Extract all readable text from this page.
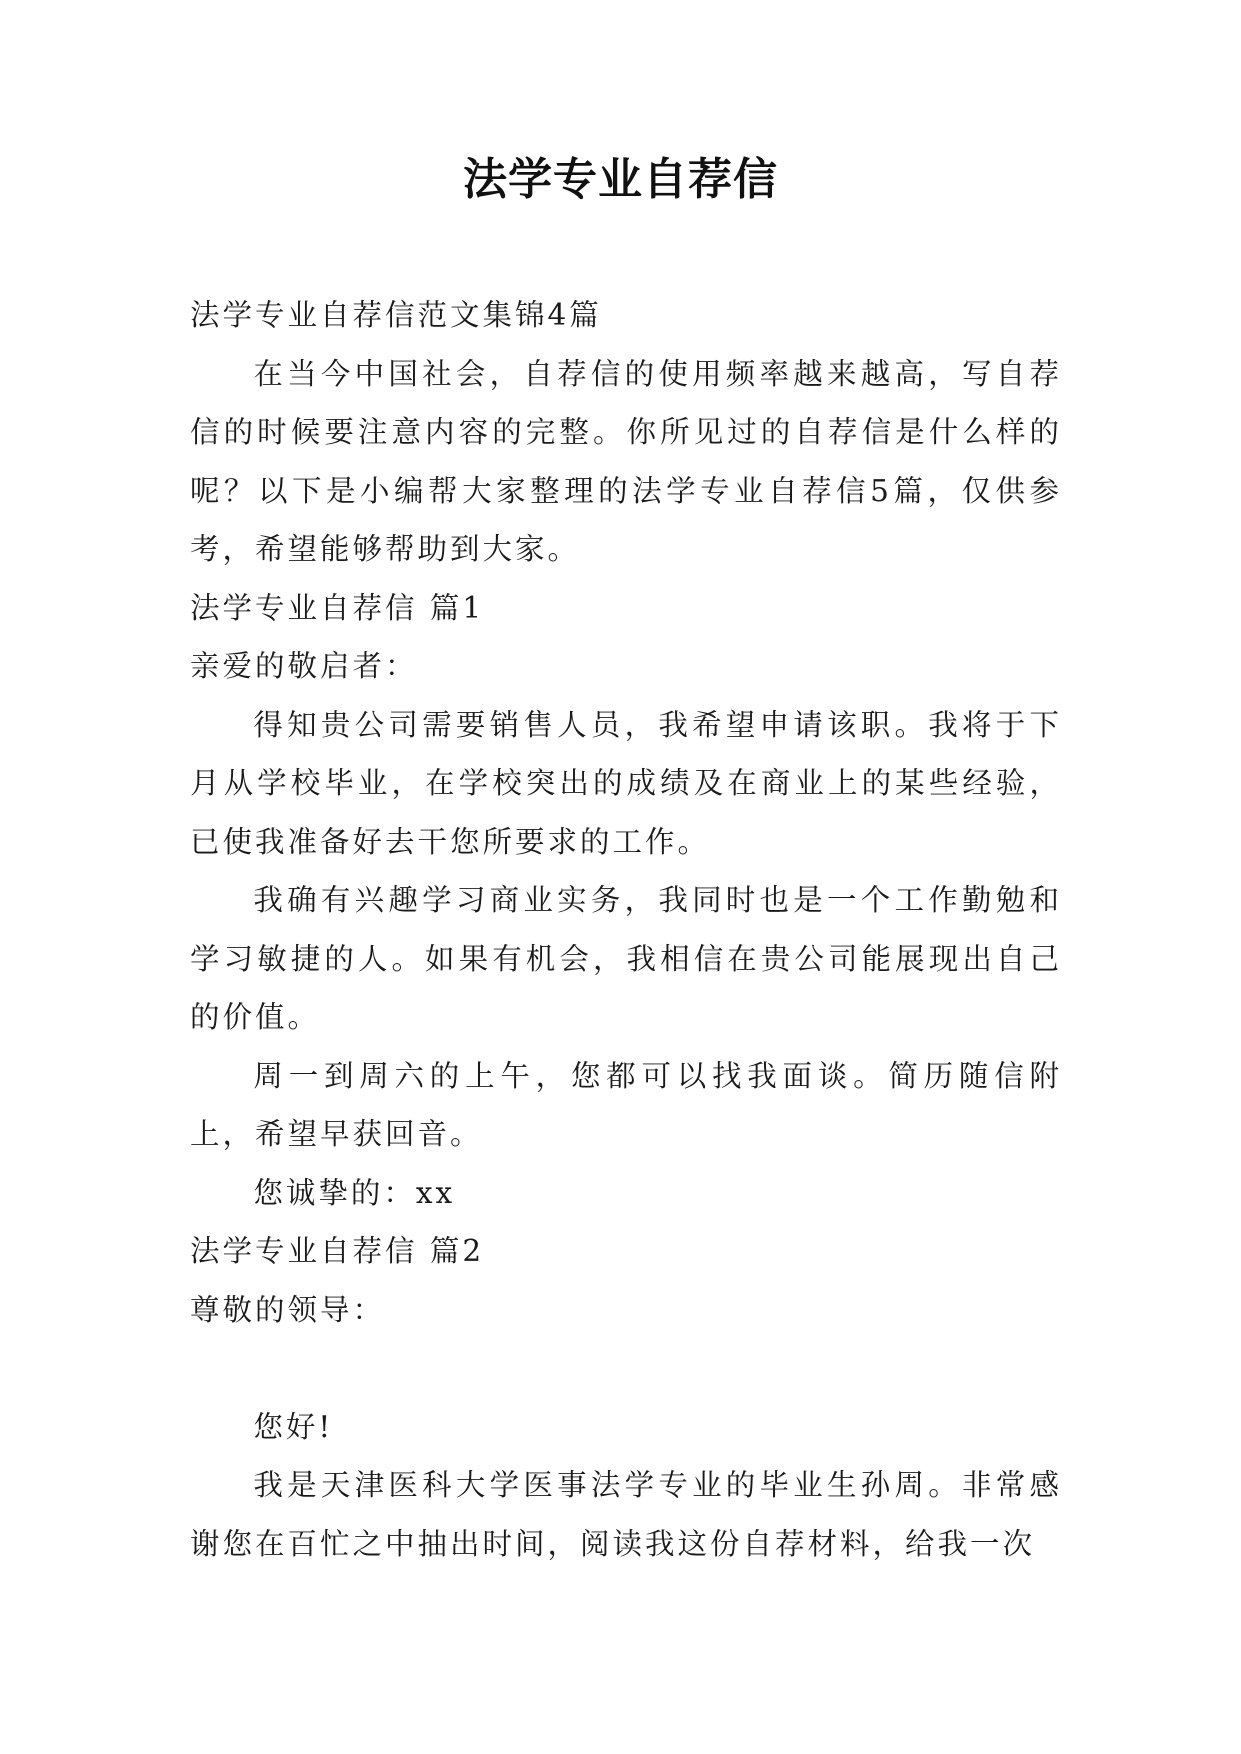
法学专业自荐信

法学专业自荐信范文集锦4篇

在当今中国社会，自荐信的使用频率越来越高，写自荐信的时候要注意内容的完整。你所见过的自荐信是什么样的呢？以下是小编帮大家整理的法学专业自荐信5篇，仅供参考，希望能够帮助到大家。

法学专业自荐信 篇1

亲爱的敬启者：

得知贵公司需要销售人员，我希望申请该职。我将于下月从学校毕业，在学校突出的成绩及在商业上的某些经验，已使我准备好去干您所要求的工作。

我确有兴趣学习商业实务，我同时也是一个工作勤勉和学习敏捷的人。如果有机会，我相信在贵公司能展现出自己的价值。

周一到周六的上午，您都可以找我面谈。简历随信附上，希望早获回音。

您诚挚的：xx

法学专业自荐信 篇2

尊敬的领导：

您好!

我是天津医科大学医事法学专业的毕业生孙周。非常感谢您在百忙之中抽出时间，阅读我这份自荐材料，给我一次
